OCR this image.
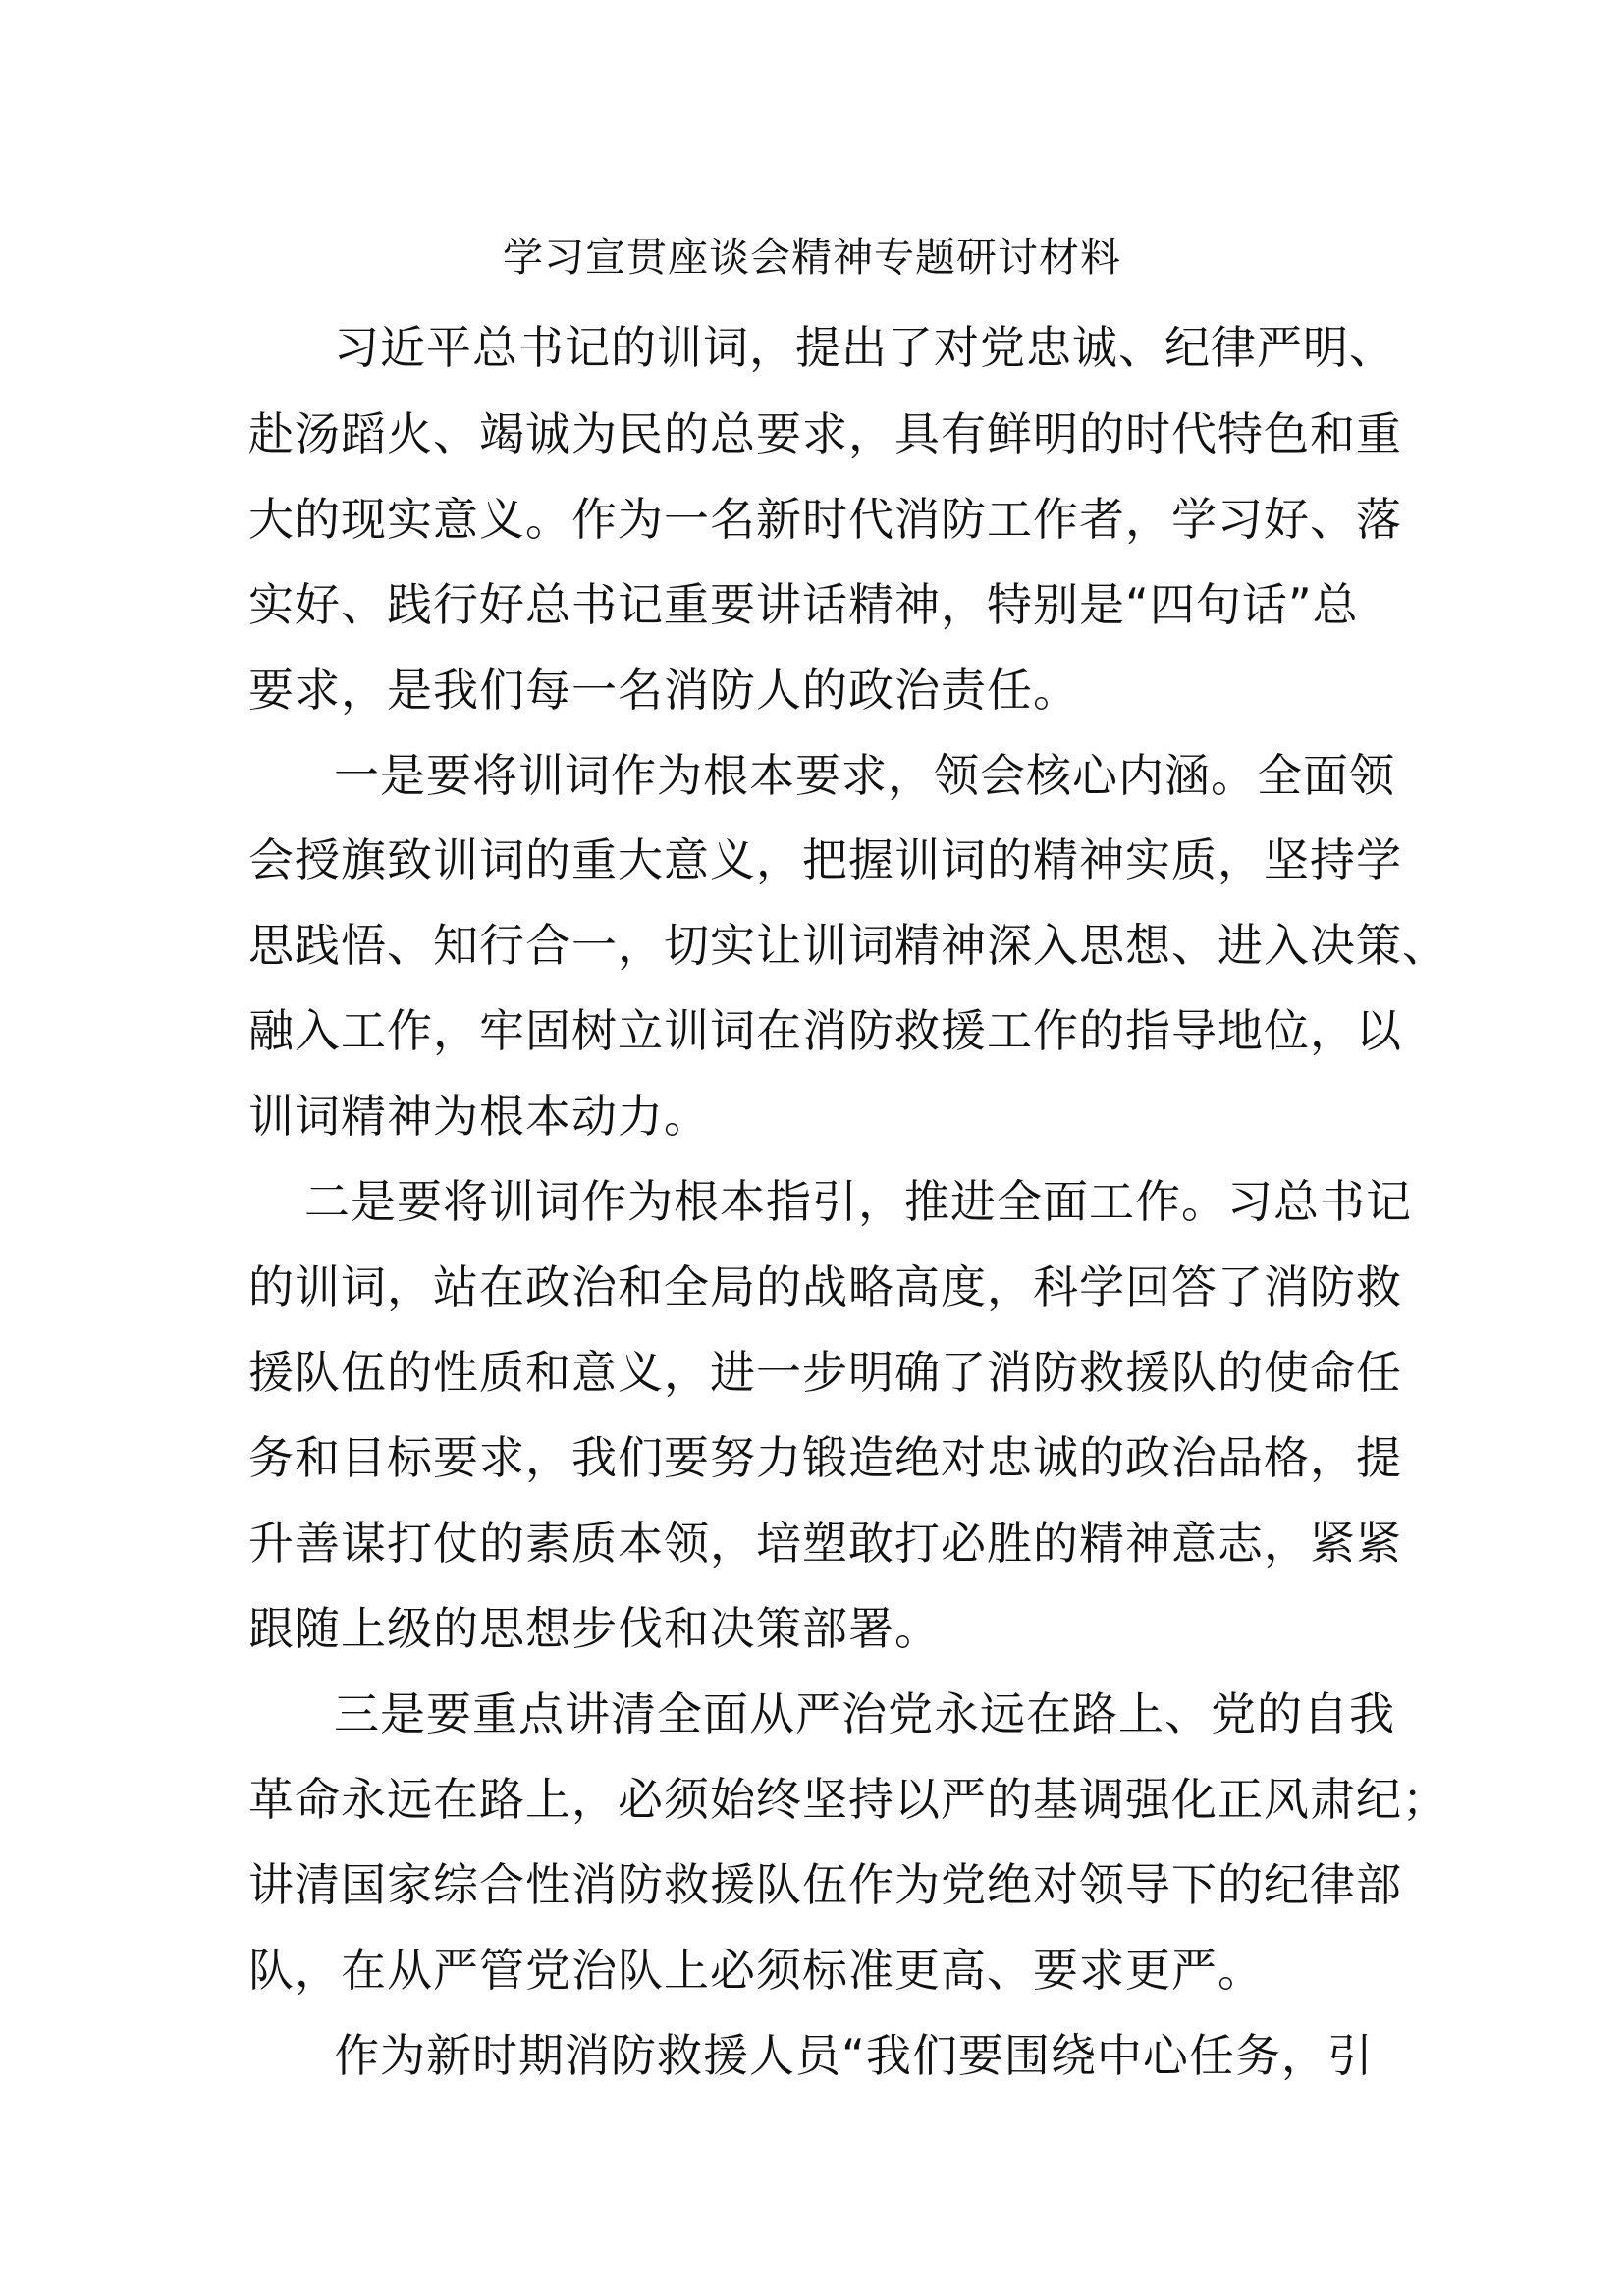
学习宣贯座谈会精神专题研讨材料
习近平总书记的训词，提出了对党忠诚、纪律严明、
赴汤蹈火、竭诚为民的总要求，具有鲜明的时代特色和重
大的现实意义。作为一名新时代消防工作者，学习好、落
实好、践行好总书记重要讲话精神，特别是“四句话”总
要求，是我们每一名消防人的政治责任。
一是要将训词作为根本要求，领会核心内涵。全面领
会授旗致训词的重大意义，把握训词的精神实质，坚持学
思践悟、知行合一，切实让训词精神深入思想、进入决策、
融入工作，牢固树立训词在消防救援工作的指导地位，以
训词精神为根本动力。
二是要将训词作为根本指引，推进全面工作。习总书记
的训词，站在政治和全局的战略高度，科学回答了消防救
援队伍的性质和意义，进一步明确了消防救援队的使命任
务和目标要求，我们要努力锻造绝对忠诚的政治品格，提
升善谋打仗的素质本领，培塑敢打必胜的精神意志，紧紧
跟随上级的思想步伐和决策部署。
三是要重点讲清全面从严治党永远在路上、党的自我
革命永远在路上，必须始终坚持以严的基调强化正风肃纪；
讲清国家综合性消防救援队伍作为党绝对领导下的纪律部
队，在从严管党治队上必须标准更高、要求更严。
作为新时期消防救援人员“我们要围绕中心任务，引
